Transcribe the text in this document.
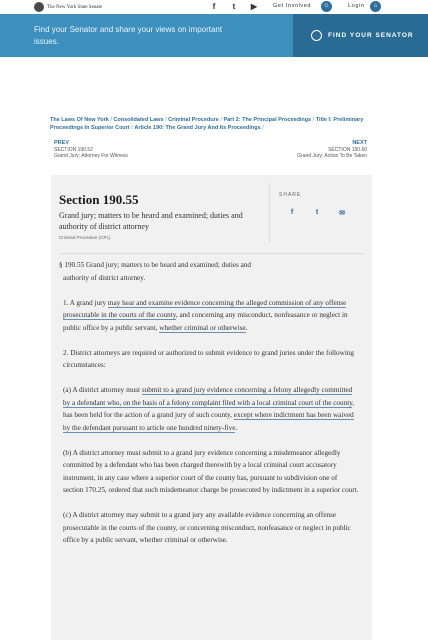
The New York State Senate	f	t	▶	Get Involved	☺	Login	⌂
Find your Senator and share your views on important issues.
FIND YOUR SENATOR
The Laws Of New York / Consolidated Laws / Criminal Procedure / Part 2: The Principal Proceedings / Title I: Preliminary Proceedings In Superior Court / Article 190: The Grand Jury And Its Proceedings /
PREV
SECTION 190.52
Grand Jury; Attorney For Witness
NEXT
SECTION 190.60
Grand Jury; Action To Be Taken
Section 190.55
Grand jury; matters to be heard and examined; duties and authority of district attorney
Criminal Procedure (CPL)
SHARE
f	t	✉

§ 190.55 Grand jury; matters to be heard and examined; duties and
authority of district attorney.

1. A grand jury may hear and examine evidence concerning the alleged commission of any offense prosecutable in the courts of the county, and concerning any misconduct, nonfeasance or neglect in public office by a public servant, whether criminal or otherwise.

2. District attorneys are required or authorized to submit evidence to grand juries under the following circumstances:

(a) A district attorney must submit to a grand jury evidence concerning a felony allegedly committed by a defendant who, on the basis of a felony complaint filed with a local criminal court of the county, has been held for the action of a grand jury of such county, except where indictment has been waived by the defendant pursuant to article one hundred ninety-five.

(b) A district attorney must submit to a grand jury evidence concerning a misdemeanor allegedly committed by a defendant who has been charged therewith by a local criminal court accusatory instrument, in any case where a superior court of the county has, pursuant to subdivision one of section 170.25, ordered that such misdemeanor charge be prosecuted by indictment in a superior court.

(c) A district attorney may submit to a grand jury any available evidence concerning an offense prosecutable in the courts of the county, or concerning misconduct, nonfeasance or neglect in public office by a public servant, whether criminal or otherwise.
